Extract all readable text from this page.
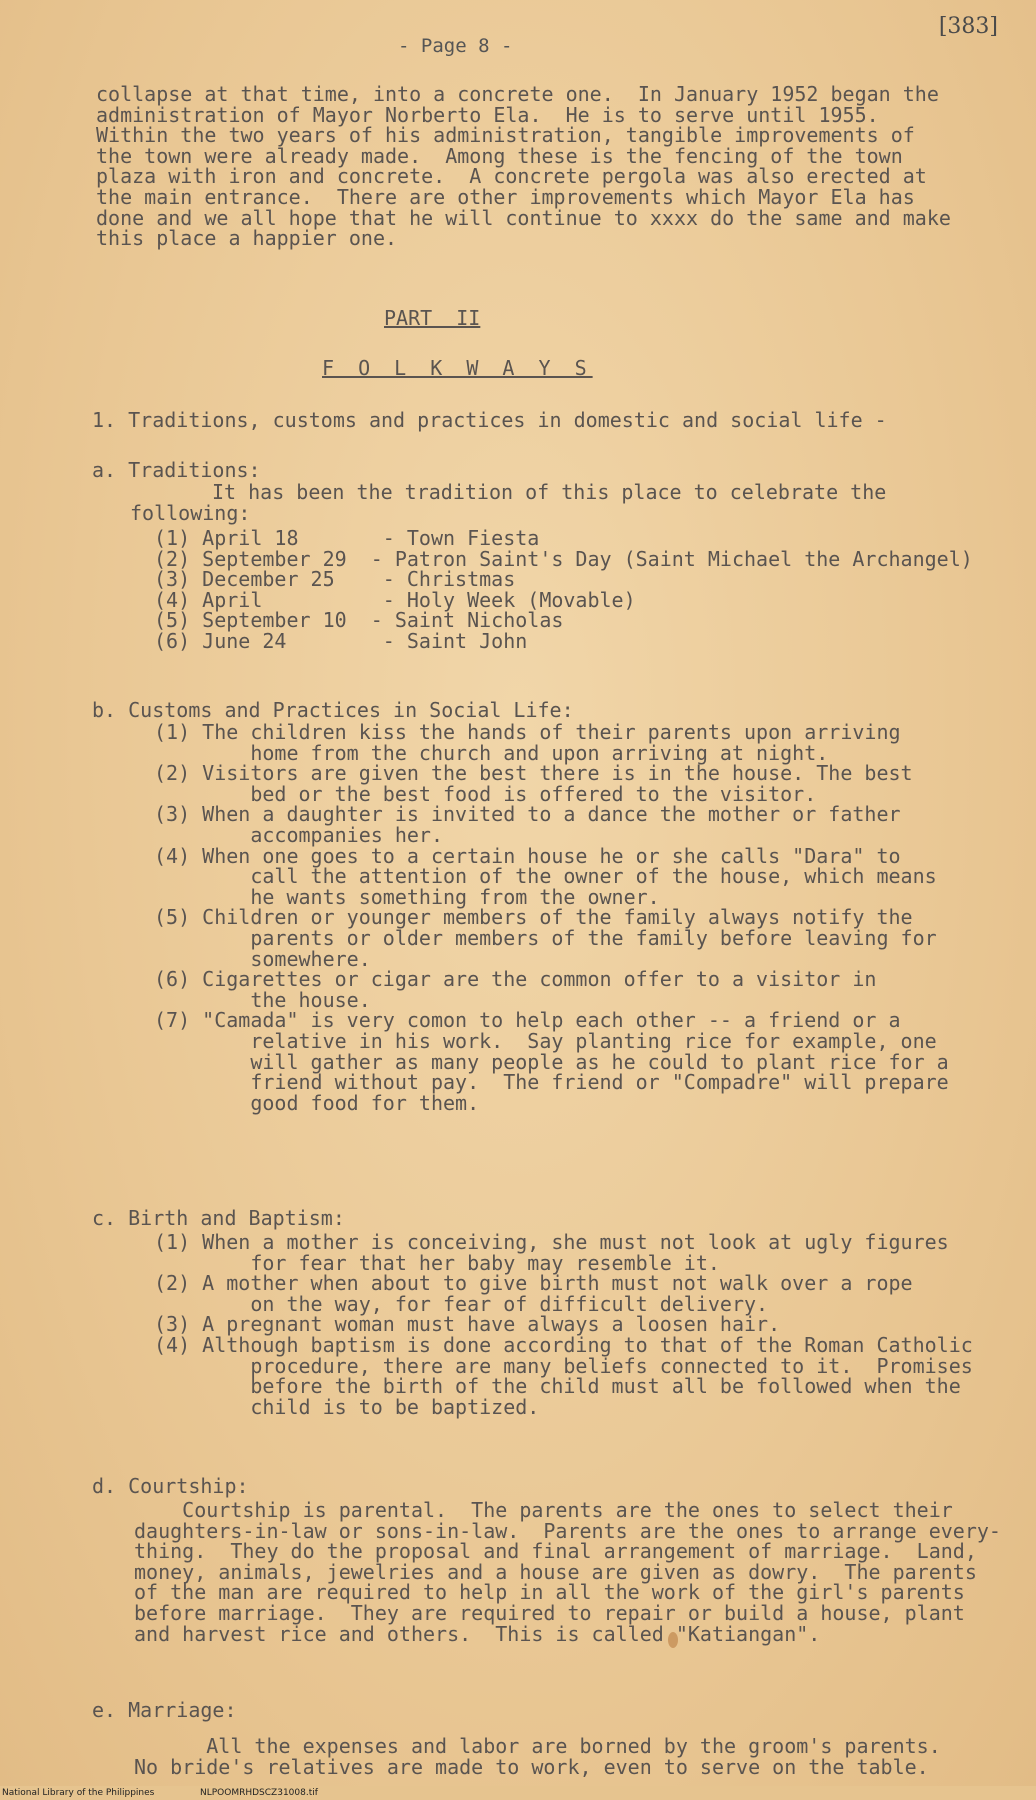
- Page 8 -
[383]
collapse at that time, into a concrete one.  In January 1952 began the
administration of Mayor Norberto Ela.  He is to serve until 1955.
Within the two years of his administration, tangible improvements of
the town were already made.  Among these is the fencing of the town
plaza with iron and concrete.  A concrete pergola was also erected at
the main entrance.  There are other improvements which Mayor Ela has
done and we all hope that he will continue to xxxx do the same and make
this place a happier one.
PART  II
F O L K W A Y S
1. Traditions, customs and practices in domestic and social life -
a. Traditions:
It has been the tradition of this place to celebrate the
following:
(1) April 18       - Town Fiesta
(2) September 29  - Patron Saint's Day (Saint Michael the Archangel)
(3) December 25    - Christmas
(4) April          - Holy Week (Movable)
(5) September 10  - Saint Nicholas
(6) June 24        - Saint John
b. Customs and Practices in Social Life:
(1) The children kiss the hands of their parents upon arriving
home from the church and upon arriving at night.
(2) Visitors are given the best there is in the house. The best
bed or the best food is offered to the visitor.
(3) When a daughter is invited to a dance the mother or father
accompanies her.
(4) When one goes to a certain house he or she calls "Dara" to
call the attention of the owner of the house, which means
he wants something from the owner.
(5) Children or younger members of the family always notify the
parents or older members of the family before leaving for
somewhere.
(6) Cigarettes or cigar are the common offer to a visitor in
the house.
(7) "Camada" is very comon to help each other -- a friend or a
relative in his work.  Say planting rice for example, one
will gather as many people as he could to plant rice for a
friend without pay.  The friend or "Compadre" will prepare
good food for them.
c. Birth and Baptism:
(1) When a mother is conceiving, she must not look at ugly figures
for fear that her baby may resemble it.
(2) A mother when about to give birth must not walk over a rope
on the way, for fear of difficult delivery.
(3) A pregnant woman must have always a loosen hair.
(4) Although baptism is done according to that of the Roman Catholic
procedure, there are many beliefs connected to it.  Promises
before the birth of the child must all be followed when the
child is to be baptized.
d. Courtship:
Courtship is parental.  The parents are the ones to select their
daughters-in-law or sons-in-law.  Parents are the ones to arrange every-
thing.  They do the proposal and final arrangement of marriage.  Land,
money, animals, jewelries and a house are given as dowry.  The parents
of the man are required to help in all the work of the girl's parents
before marriage.  They are required to repair or build a house, plant
and harvest rice and others.  This is called "Katiangan".
e. Marriage:
All the expenses and labor are borned by the groom's parents.
No bride's relatives are made to work, even to serve on the table.
National Library of the Philippines	NLPOOMRHDSCZ31008.tif
